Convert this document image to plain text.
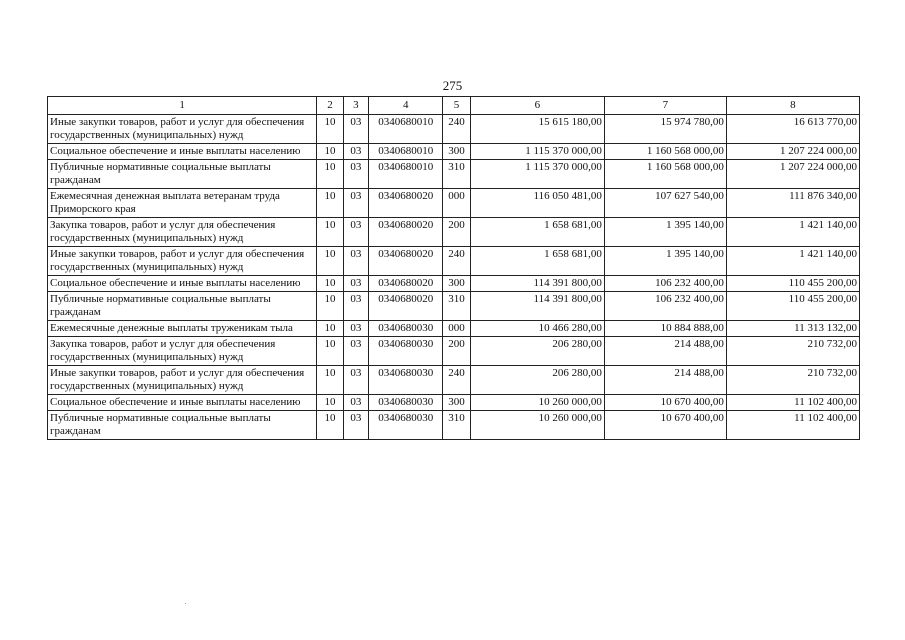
275
1	2	3	4	5	6	7	8
Иные закупки товаров, работ и услуг для обеспечения государственных (муниципальных) нужд	10	03	0340680010	240	15 615 180,00	15 974 780,00	16 613 770,00
Социальное обеспечение и иные выплаты населению	10	03	0340680010	300	1 115 370 000,00	1 160 568 000,00	1 207 224 000,00
Публичные нормативные социальные выплаты гражданам	10	03	0340680010	310	1 115 370 000,00	1 160 568 000,00	1 207 224 000,00
Ежемесячная денежная выплата ветеранам труда Приморского края	10	03	0340680020	000	116 050 481,00	107 627 540,00	111 876 340,00
Закупка товаров, работ и услуг для обеспечения государственных (муниципальных) нужд	10	03	0340680020	200	1 658 681,00	1 395 140,00	1 421 140,00
Иные закупки товаров, работ и услуг для обеспечения государственных (муниципальных) нужд	10	03	0340680020	240	1 658 681,00	1 395 140,00	1 421 140,00
Социальное обеспечение и иные выплаты населению	10	03	0340680020	300	114 391 800,00	106 232 400,00	110 455 200,00
Публичные нормативные социальные выплаты гражданам	10	03	0340680020	310	114 391 800,00	106 232 400,00	110 455 200,00
Ежемесячные денежные выплаты труженикам тыла	10	03	0340680030	000	10 466 280,00	10 884 888,00	11 313 132,00
Закупка товаров, работ и услуг для обеспечения государственных (муниципальных) нужд	10	03	0340680030	200	206 280,00	214 488,00	210 732,00
Иные закупки товаров, работ и услуг для обеспечения государственных (муниципальных) нужд	10	03	0340680030	240	206 280,00	214 488,00	210 732,00
Социальное обеспечение и иные выплаты населению	10	03	0340680030	300	10 260 000,00	10 670 400,00	11 102 400,00
Публичные нормативные социальные выплаты гражданам	10	03	0340680030	310	10 260 000,00	10 670 400,00	11 102 400,00
